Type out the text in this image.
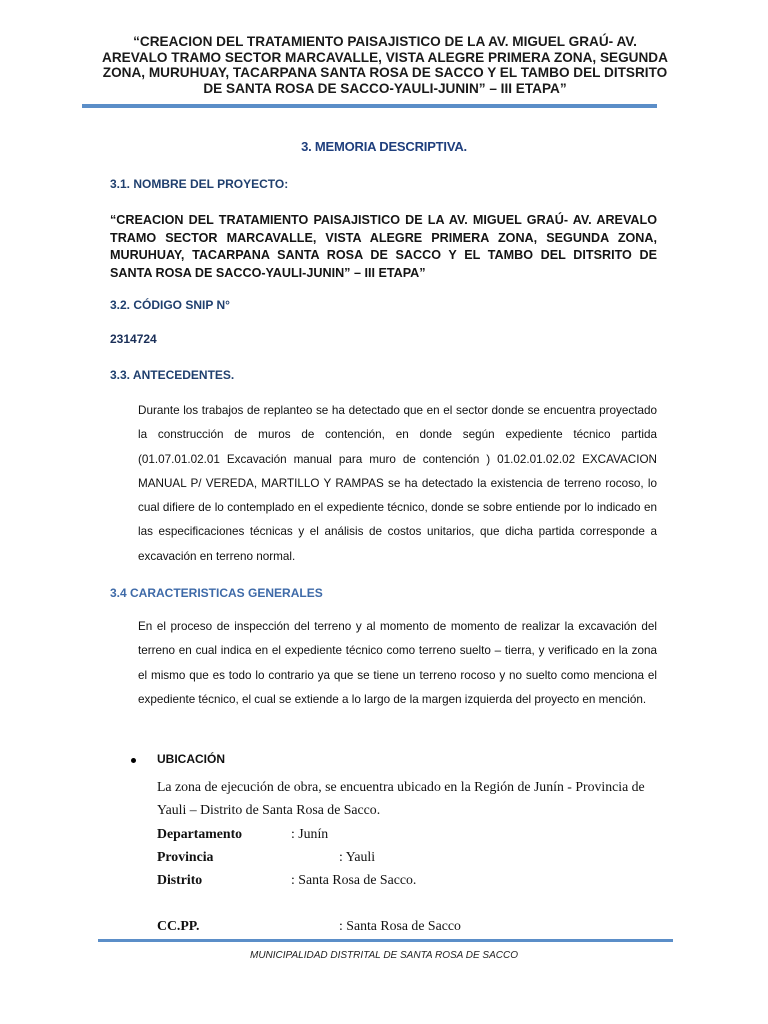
“CREACION DEL TRATAMIENTO PAISAJISTICO DE LA AV. MIGUEL GRAÚ- AV. AREVALO TRAMO SECTOR MARCAVALLE, VISTA ALEGRE PRIMERA ZONA, SEGUNDA ZONA, MURUHUAY, TACARPANA SANTA ROSA DE SACCO Y EL TAMBO DEL DITSRITO DE SANTA ROSA DE SACCO-YAULI-JUNIN” – III ETAPA”
3. MEMORIA DESCRIPTIVA.
3.1. NOMBRE DEL PROYECTO:
“CREACION DEL TRATAMIENTO PAISAJISTICO DE LA AV. MIGUEL GRAÚ- AV. AREVALO TRAMO SECTOR MARCAVALLE, VISTA ALEGRE PRIMERA ZONA, SEGUNDA ZONA, MURUHUAY, TACARPANA SANTA ROSA DE SACCO Y EL TAMBO DEL DITSRITO DE SANTA ROSA DE SACCO-YAULI-JUNIN” – III ETAPA”
3.2. CÓDIGO SNIP N°
2314724
3.3. ANTECEDENTES.
Durante los trabajos de replanteo se ha detectado que en el sector donde se encuentra proyectado la construcción de muros de contención, en donde según expediente técnico partida (01.07.01.02.01 Excavación manual para muro de contención ) 01.02.01.02.02 EXCAVACION MANUAL P/ VEREDA, MARTILLO Y RAMPAS se ha detectado la existencia de terreno rocoso, lo cual difiere de lo contemplado en el expediente técnico, donde se sobre entiende por lo indicado en las especificaciones técnicas y el análisis de costos unitarios, que dicha partida corresponde a excavación en terreno normal.
3.4 CARACTERISTICAS GENERALES
En el proceso de inspección del terreno y al momento de momento de realizar la excavación del terreno en cual indica en el expediente técnico como terreno suelto – tierra, y verificado en la zona el mismo que es todo lo contrario ya que se tiene un terreno rocoso y no suelto como menciona el expediente técnico, el cual se extiende a lo largo de la margen izquierda del proyecto en mención.
UBICACIÓN
La zona de ejecución de obra, se encuentra ubicado en la Región de Junín - Provincia de Yauli – Distrito de Santa Rosa de Sacco.
Departamento	: Junín
Provincia	: Yauli
Distrito	: Santa Rosa de Sacco.
CC.PP.	: Santa Rosa de Sacco
MUNICIPALIDAD DISTRITAL DE SANTA ROSA DE SACCO
